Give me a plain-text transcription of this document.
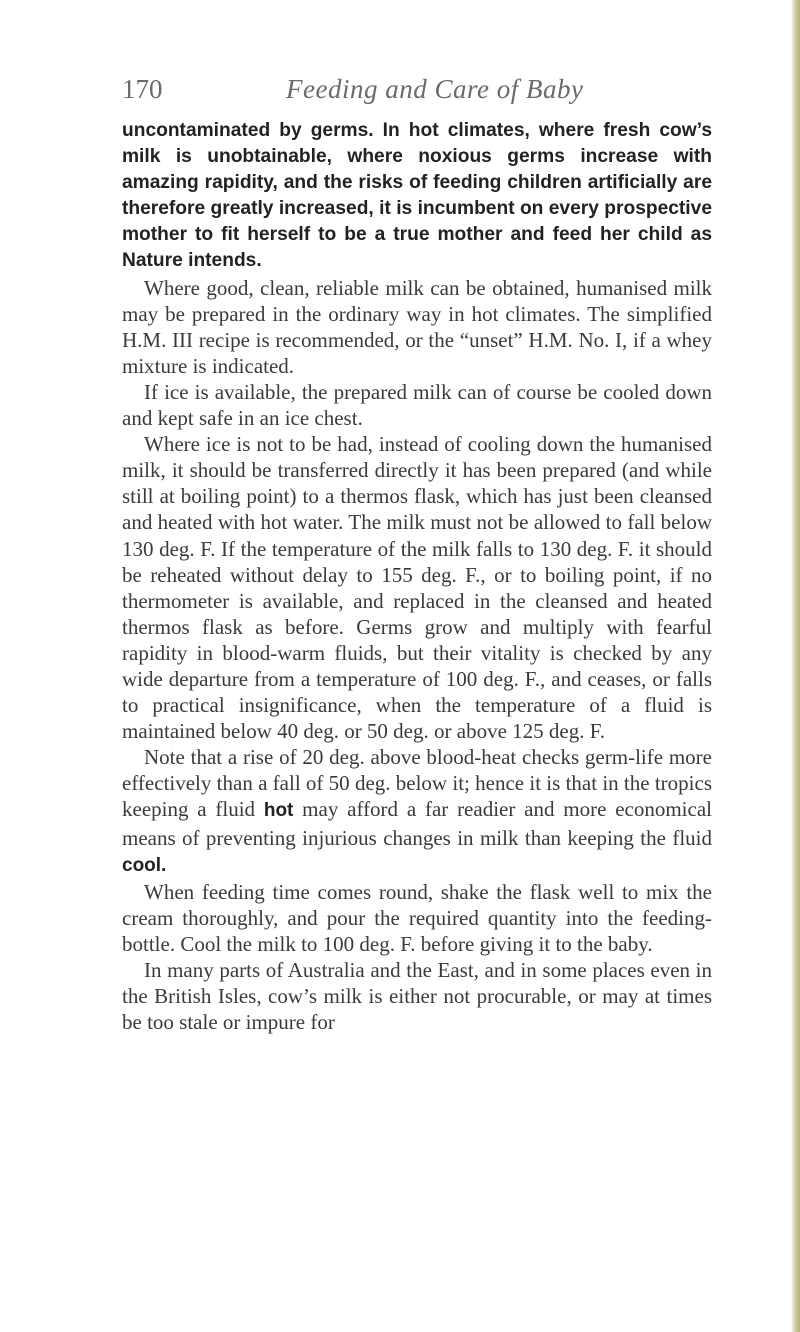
170	Feeding and Care of Baby

uncontaminated by germs. In hot climates, where fresh cow’s milk is unobtainable, where noxious germs increase with amazing rapidity, and the risks of feeding children artificially are therefore greatly increased, it is incumbent on every prospective mother to fit herself to be a true mother and feed her child as Nature intends.

Where good, clean, reliable milk can be obtained, humanised milk may be prepared in the ordinary way in hot climates. The simplified H.M. III recipe is recommended, or the “unset” H.M. No. I, if a whey mixture is indicated.

If ice is available, the prepared milk can of course be cooled down and kept safe in an ice chest.

Where ice is not to be had, instead of cooling down the humanised milk, it should be transferred directly it has been prepared (and while still at boiling point) to a thermos flask, which has just been cleansed and heated with hot water. The milk must not be allowed to fall below 130 deg. F. If the temperature of the milk falls to 130 deg. F. it should be reheated without delay to 155 deg. F., or to boiling point, if no thermometer is available, and replaced in the cleansed and heated thermos flask as before. Germs grow and multiply with fearful rapidity in blood-warm fluids, but their vitality is checked by any wide departure from a temperature of 100 deg. F., and ceases, or falls to practical insignificance, when the temperature of a fluid is maintained below 40 deg. or 50 deg. or above 125 deg. F.

Note that a rise of 20 deg. above blood-heat checks germ-life more effectively than a fall of 50 deg. below it; hence it is that in the tropics keeping a fluid hot may afford a far readier and more economical means of preventing injurious changes in milk than keeping the fluid cool.

When feeding time comes round, shake the flask well to mix the cream thoroughly, and pour the required quantity into the feeding-bottle. Cool the milk to 100 deg. F. before giving it to the baby.

In many parts of Australia and the East, and in some places even in the British Isles, cow’s milk is either not procurable, or may at times be too stale or impure for
